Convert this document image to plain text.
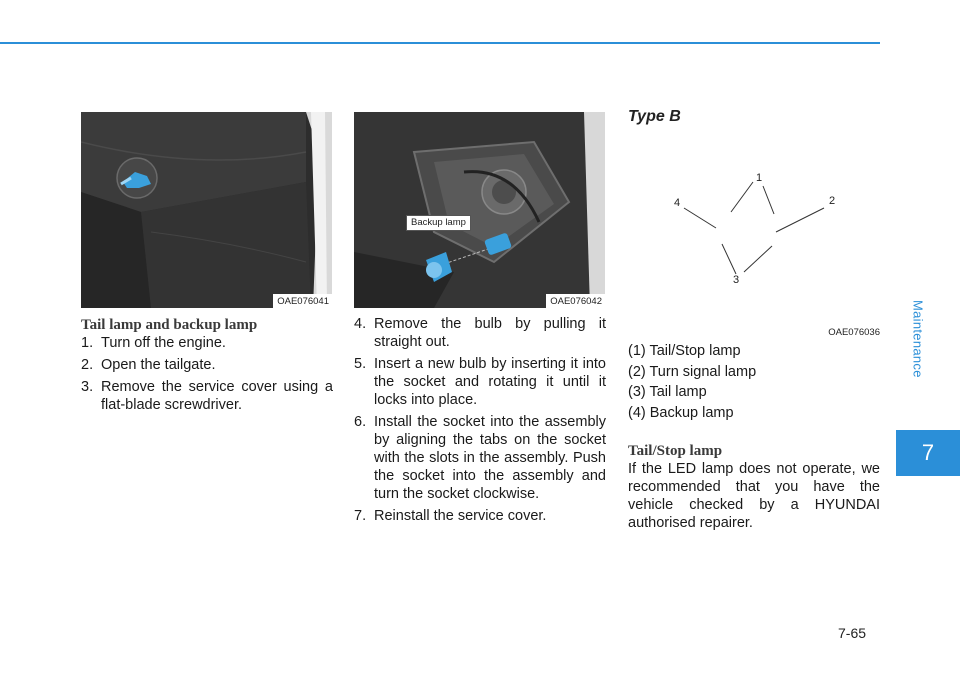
Maintenance
7
7-65
OAE076041
Backup lamp
OAE076042

Tail lamp and backup lamp

1. Turn off the engine.
2. Open the tailgate.
3. Remove the service cover using a flat-blade screwdriver.
4. Remove the bulb by pulling it straight out.
5. Insert a new bulb by inserting it into the socket and rotating it until it locks into place.
6. Install the socket into the assembly by aligning the tabs on the socket with the slots in the assembly. Push the socket into the assembly and turn the socket clockwise.
7. Reinstall the service cover.
Type B
1
2
3
4
OAE076036
(1) Tail/Stop lamp
(2) Turn signal lamp
(3) Tail lamp
(4) Backup lamp

Tail/Stop lamp

If the LED lamp does not operate, we recommended that you have the vehicle checked by a HYUNDAI authorised repairer.
